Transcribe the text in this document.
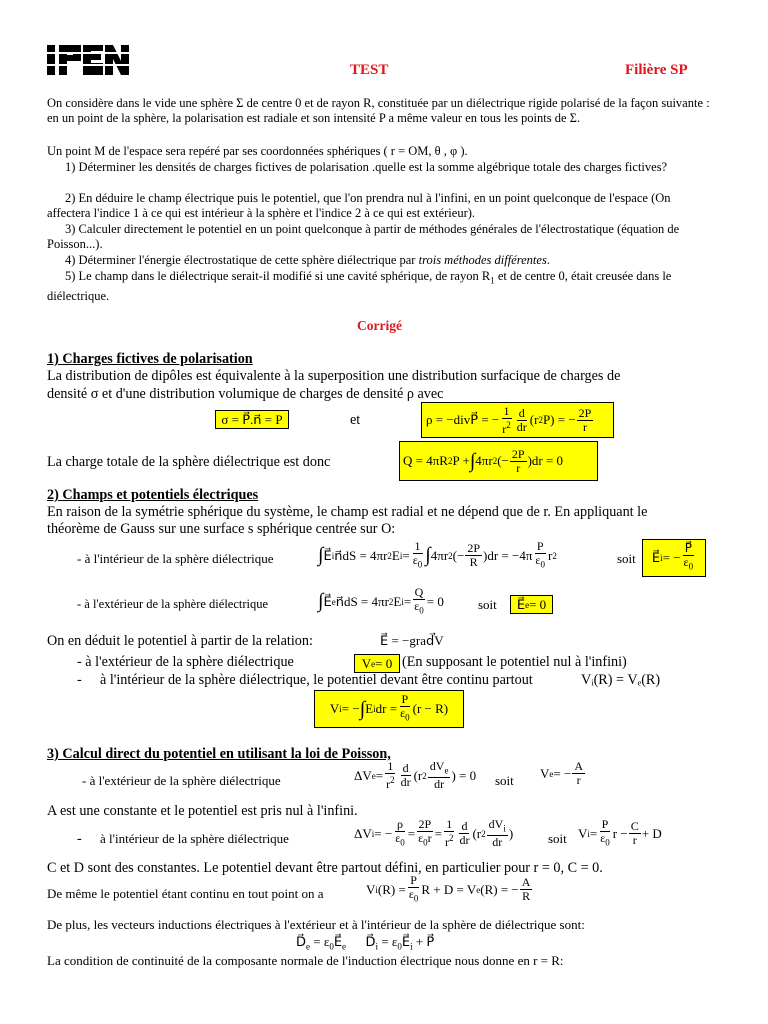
TEST	Filière SP
On considère dans le vide une sphère Σ de centre 0 et de rayon R, constituée par un diélectrique rigide polarisé de la façon suivante : en un point de la sphère, la polarisation est radiale et son intensité P a même valeur en tous les points de Σ.
Un point M de l'espace sera repéré par ses coordonnées sphériques ( r = OM, θ , φ ).
1) Déterminer les densités de charges fictives de polarisation .quelle est la somme algébrique totale des charges fictives?
2) En déduire le champ électrique puis le potentiel, que l'on prendra nul à l'infini, en un point quelconque de l'espace (On affectera l'indice 1 à ce qui est intérieur à la sphère et l'indice 2 à ce qui est extérieur).
3) Calculer directement le potentiel en un point quelconque à partir de méthodes générales de l'électrostatique (équation de Poisson...).
4) Déterminer l'énergie électrostatique de cette sphère diélectrique par trois méthodes différentes.
5) Le champ dans le diélectrique serait-il modifié si une cavité sphérique, de rayon $R_1$ et de centre 0, était creusée dans le diélectrique.
Corrigé
1) Charges fictives de polarisation
La distribution de dipôles est équivalente à la superposition une distribution surfacique de charges de
densité σ et d'une distribution volumique de charges de densité ρ avec
σ = P⃗.n⃗ = P	et	ρ = −divP⃗ = − $\frac{1}{r^2} \frac{d}{dr} (r$ 2 P) = − $\frac{2P}{r}$
La charge totale de la sphère diélectrique est donc	Q = 4πR 2 P + ∫ 4πr 2 (− $\frac{2P}{r} )dr = 0$
2) Champs et potentiels électriques
En raison de la symétrie sphérique du système, le champ est radial et ne dépend que de r. En appliquant le
théorème de Gauss sur une surface s sphérique centrée sur O:
- à l'intérieur de la sphère diélectrique ∫ E⃗ i n⃗dS = 4πr 2 E $i = \frac{1}{\varepsilon_0}$ ∫ 4πr 2 (− $\frac{2P}{R} )dr = -4\pi \frac{P}{\varepsilon_0}$ r 2	soit	E⃗ i = − $\frac{P⃗}{\varepsilon_0}$
- à l'extérieur de la sphère diélectrique ∫ E⃗ e n⃗dS = 4πr 2 E $i = \frac{Q}{\varepsilon_0} = 0$	soit	E⃗ e = 0
On en déduit le potentiel à partir de la relation:	E⃗ = −grad⃗V
- à l'extérieur de la sphère diélectrique	V e = 0 (En supposant le potentiel nul à l'infini)
- à l'intérieur de la sphère diélectrique, le potentiel devant être continu partout	Vᵢ(R) = Vₑ(R)
V i = − ∫ E i dr = $\frac{P}{\varepsilon_0} (r - R)$
3) Calcul direct du potentiel en utilisant la loi de Poisson,
- à l'extérieur de la sphère diélectrique	ΔV $e = \frac{1}{r^2} \frac{d}{dr} (r$ $2 \frac{dV_e}{dr}$ ) = 0 soit V e = − $\frac{A}{r}$
A est une constante et le potentiel est pris nul à l'infini.
- à l'intérieur de la sphère diélectrique	ΔV i = − $\frac{\rho}{\varepsilon_0} = \frac{2P}{\varepsilon_0r} = \frac{1}{r^2} \frac{d}{dr} (r$ $2 \frac{dV_i}{dr}$ )	soit V $i = \frac{P}{\varepsilon_0}$ $r - \frac{C}{r} + D$
C et D sont des constantes. Le potentiel devant être partout défini, en particulier pour r = 0, C = 0.
De même le potentiel étant continu en tout point on a	V i $(R) = \frac{P}{\varepsilon_0}$ R + D = V e (R) = − $\frac{A}{R}$
De plus, les vecteurs inductions électriques à l'extérieur et à l'intérieur de la sphère de diélectrique sont:
$D⃗_e$ = $\varepsilon_0E⃗_e$      $D⃗_i$ = $\varepsilon_0E⃗_i$ + P⃗
La condition de continuité de la composante normale de l'induction électrique nous donne en r = R:
